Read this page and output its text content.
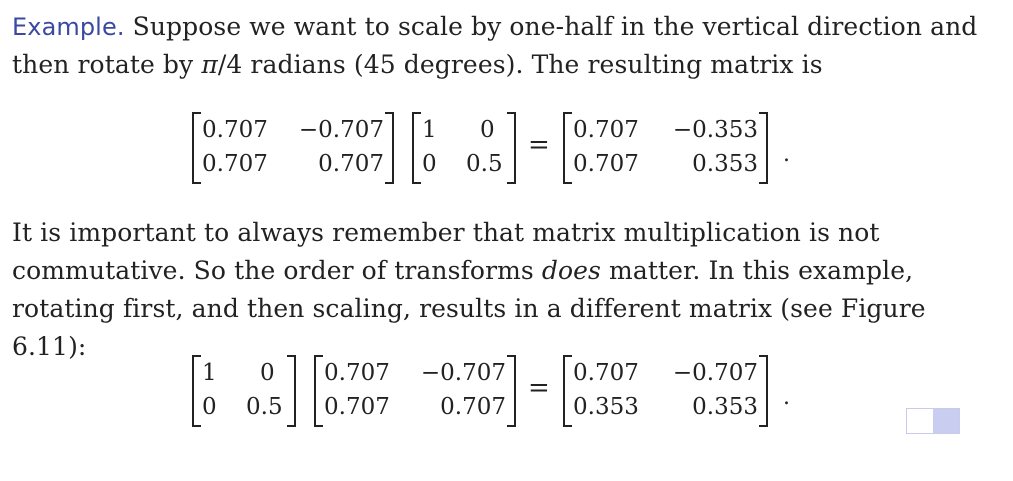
Example. Suppose we want to scale by one-half in the vertical direction and then rotate by π/4 radians (45 degrees). The resulting matrix is

0.707 −0.707
0.707 0.707
1 0
0 0.5
= 0.707 −0.353
0.707 0.353 .

It is important to always remember that matrix multiplication is not commutative. So the order of transforms does matter. In this example, rotating first, and then scaling, results in a different matrix (see Figure 6.11):

1 0
0 0.5
0.707 −0.707
0.707 0.707
= 0.707 −0.707
0.353 0.353 .
